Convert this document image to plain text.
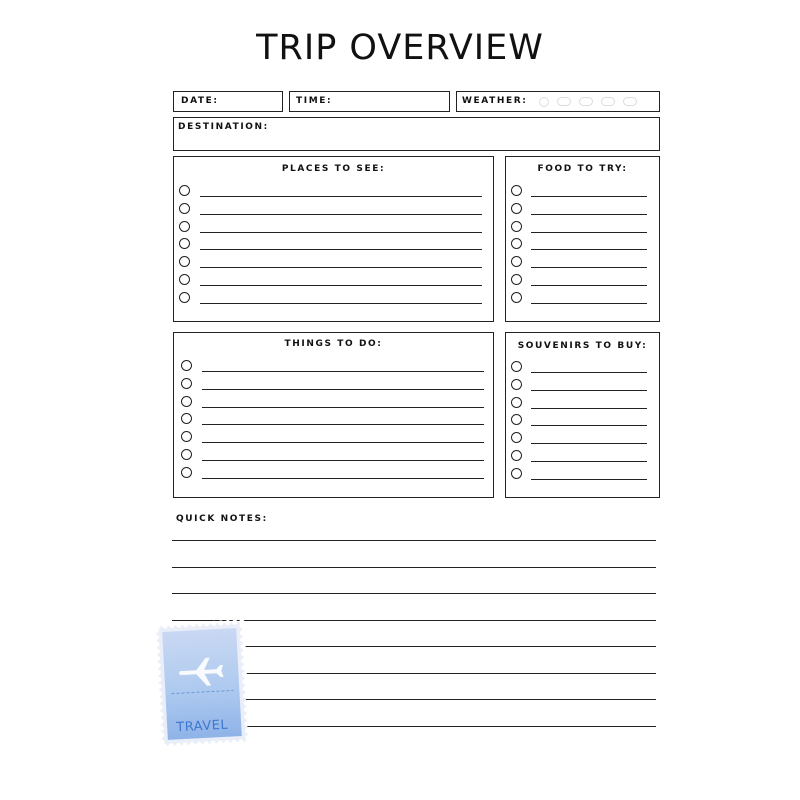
TRIP OVERVIEW
DATE:	TIME:	WEATHER:
DESTINATION:
PLACES TO SEE:	FOOD TO TRY:
THINGS TO DO:	SOUVENIRS TO BUY:
QUICK NOTES:
TRAVEL
